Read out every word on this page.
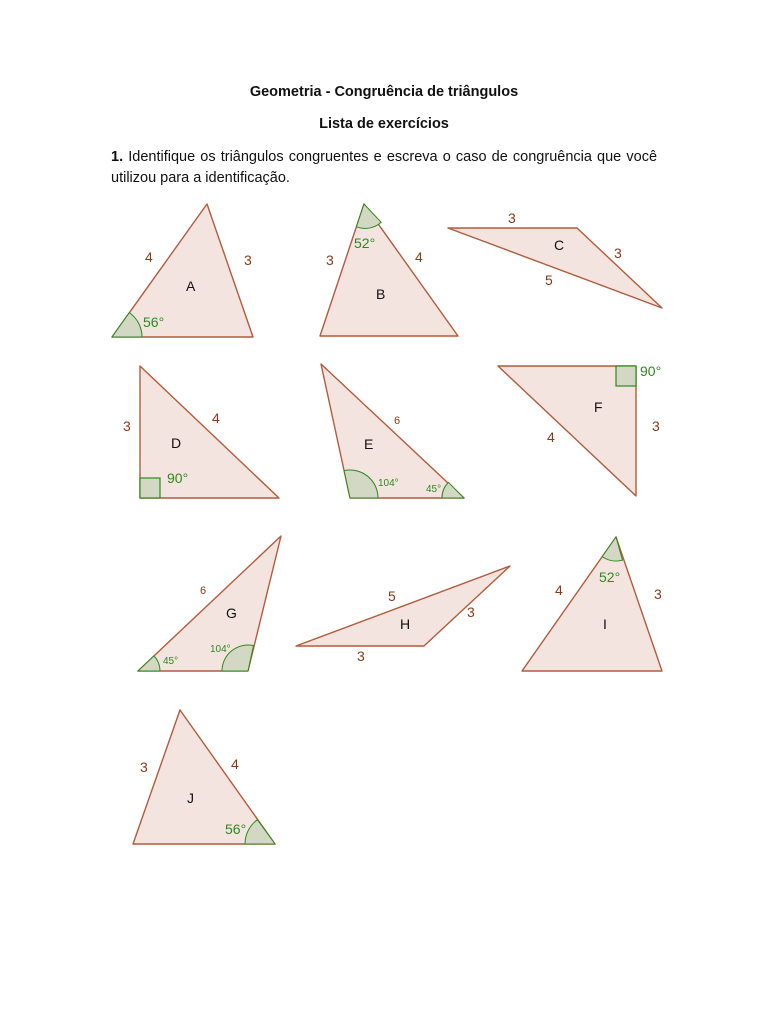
Geometria - Congruência de triângulos
Lista de exercícios
1. Identifique os triângulos congruentes e escreva o caso de congruência que você utilizou para a identificação.
4	3
56°
A
3	4
52°
B
3
3
5
C
3	4
90°
D
6
104°
45°
E
90°
4
3
F
6
45°
104°
G
5
3
3
H
4	3
52°
I
3	4
56°
J
